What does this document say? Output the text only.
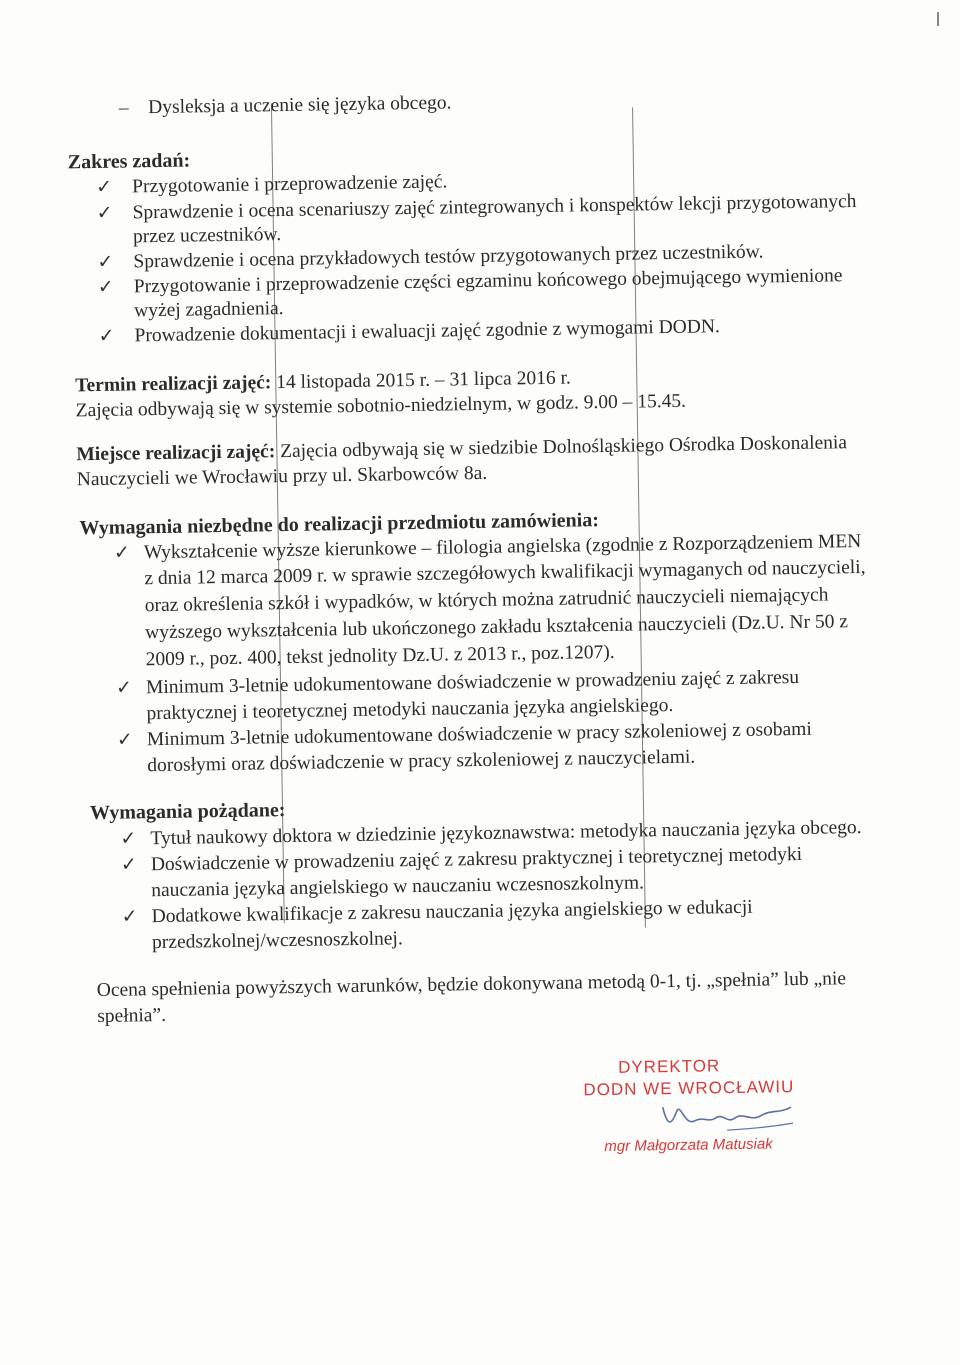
–    Dysleksja a uczenie się języka obcego.
Zakres zadań:
✓ Przygotowanie i przeprowadzenie zajęć.
✓ Sprawdzenie i ocena scenariuszy zajęć zintegrowanych i konspektów lekcji przygotowanych
przez uczestników.
✓ Sprawdzenie i ocena przykładowych testów przygotowanych przez uczestników.
✓ Przygotowanie i przeprowadzenie części egzaminu końcowego obejmującego wymienione
wyżej zagadnienia.
✓ Prowadzenie dokumentacji i ewaluacji zajęć zgodnie z wymogami DODN.
Termin realizacji zajęć: 14 listopada 2015 r. – 31 lipca 2016 r.
Zajęcia odbywają się w systemie sobotnio-niedzielnym, w godz. 9.00 – 15.45.
Miejsce realizacji zajęć: Zajęcia odbywają się w siedzibie Dolnośląskiego Ośrodka Doskonalenia
Nauczycieli we Wrocławiu przy ul. Skarbowców 8a.
Wymagania niezbędne do realizacji przedmiotu zamówienia:
✓ Wykształcenie wyższe kierunkowe – filologia angielska (zgodnie z Rozporządzeniem MEN
z dnia 12 marca 2009 r. w sprawie szczegółowych kwalifikacji wymaganych od nauczycieli,
oraz określenia szkół i wypadków, w których można zatrudnić nauczycieli niemających
wyższego wykształcenia lub ukończonego zakładu kształcenia nauczycieli (Dz.U. Nr 50 z
2009 r., poz. 400, tekst jednolity Dz.U. z 2013 r., poz.1207).
✓ Minimum 3-letnie udokumentowane doświadczenie w prowadzeniu zajęć z zakresu
praktycznej i teoretycznej metodyki nauczania języka angielskiego.
✓ Minimum 3-letnie udokumentowane doświadczenie w pracy szkoleniowej z osobami
dorosłymi oraz doświadczenie w pracy szkoleniowej z nauczycielami.
Wymagania pożądane:
✓ Tytuł naukowy doktora w dziedzinie językoznawstwa: metodyka nauczania języka obcego.
✓ Doświadczenie w prowadzeniu zajęć z zakresu praktycznej i teoretycznej metodyki
nauczania języka angielskiego w nauczaniu wczesnoszkolnym.
✓ Dodatkowe kwalifikacje z zakresu nauczania języka angielskiego w edukacji
przedszkolnej/wczesnoszkolnej.
Ocena spełnienia powyższych warunków, będzie dokonywana metodą 0-1, tj. „spełnia” lub „nie
spełnia”.
DYREKTOR
DODN WE WROCŁAWIU
mgr Małgorzata Matusiak
